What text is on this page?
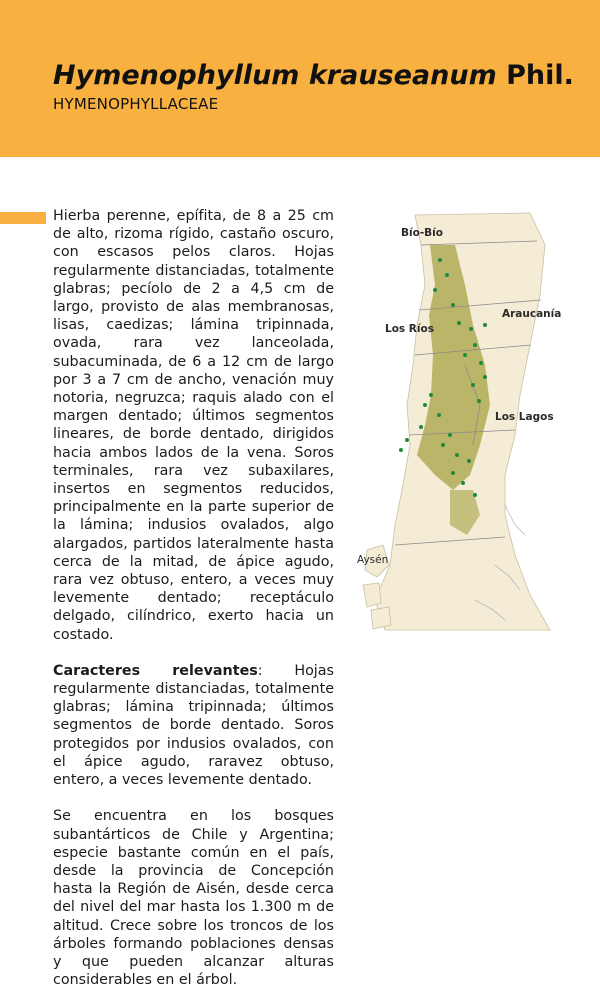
Hymenophyllum krauseanum Phil.
HYMENOPHYLLACEAE

Hierba perenne, epífita, de 8 a 25 cm de alto, rizoma rígido, castaño oscuro, con escasos pelos claros. Hojas regularmente distanciadas, totalmente glabras; pecíolo de 2 a 4,5 cm de largo, provisto de alas membranosas, lisas, caedizas; lámina tripinnada, ovada, rara vez lanceolada, subacuminada, de 6 a 12 cm de largo por 3 a 7 cm de ancho, venación muy notoria, negruzca; raquis alado con el margen dentado; últimos segmentos lineares, de borde dentado, dirigidos hacia ambos lados de la vena. Soros terminales, rara vez subaxilares, insertos en segmentos reducidos, principalmente en la parte superior de la lámina; indusios ovalados, algo alargados, partidos lateralmente hasta cerca de la mitad, de ápice agudo, rara vez obtuso, entero, a veces muy levemente dentado; receptáculo delgado, cilíndrico, exerto hacia un costado.

Caracteres relevantes: Hojas regularmente distanciadas, totalmente glabras; lámina tripinnada; últimos segmentos de borde dentado. Soros protegidos por indusios ovalados, con el ápice agudo, raravez obtuso, entero, a veces levemente dentado.

Se encuentra en los bosques subantárticos de Chile y Argentina; especie bastante común en el país, desde la provincia de Concepción hasta la Región de Aisén, desde cerca del nivel del mar hasta los 1.300 m de altitud. Crece sobre los troncos de los árboles formando poblaciones densas y que pueden alcanzar alturas considerables en el árbol.

Bío-Bío
Los Ríos
Araucanía
Los Lagos
Aysén
